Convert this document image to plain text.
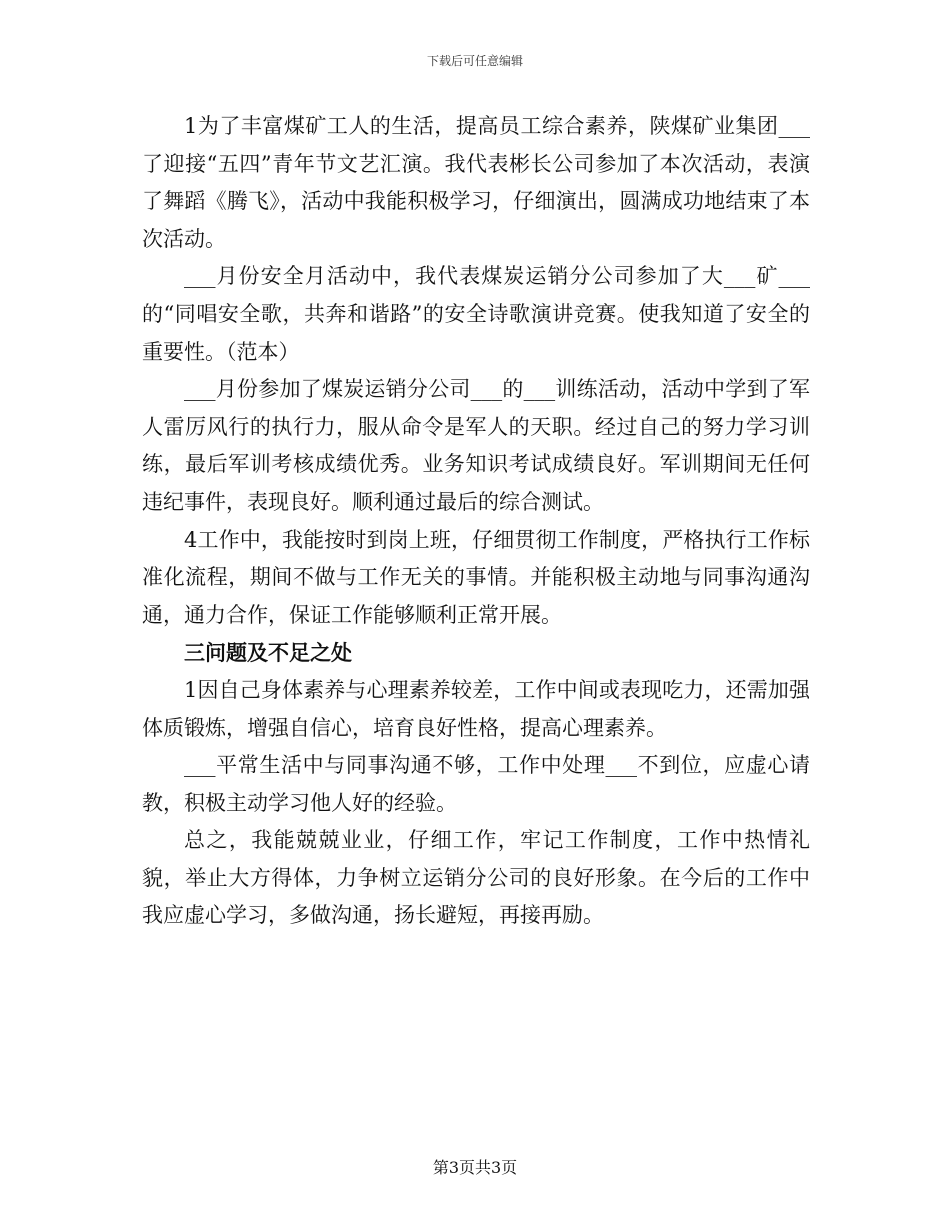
下载后可任意编辑

1为了丰富煤矿工人的生活，提高员工综合素养，陕煤矿业集团___了迎接“五四”青年节文艺汇演。我代表彬长公司参加了本次活动，表演了舞蹈《腾飞》，活动中我能积极学习，仔细演出，圆满成功地结束了本次活动。

___月份安全月活动中，我代表煤炭运销分公司参加了大___矿___的“同唱安全歌，共奔和谐路”的安全诗歌演讲竞赛。使我知道了安全的重要性。（范本）

___月份参加了煤炭运销分公司___的___训练活动，活动中学到了军人雷厉风行的执行力，服从命令是军人的天职。经过自己的努力学习训练，最后军训考核成绩优秀。业务知识考试成绩良好。军训期间无任何违纪事件，表现良好。顺利通过最后的综合测试。

4工作中，我能按时到岗上班，仔细贯彻工作制度，严格执行工作标准化流程，期间不做与工作无关的事情。并能积极主动地与同事沟通沟通，通力合作，保证工作能够顺利正常开展。

三问题及不足之处

1因自己身体素养与心理素养较差，工作中间或表现吃力，还需加强体质锻炼，增强自信心，培育良好性格，提高心理素养。

___平常生活中与同事沟通不够，工作中处理___不到位，应虚心请教，积极主动学习他人好的经验。

总之，我能兢兢业业，仔细工作，牢记工作制度，工作中热情礼貌，举止大方得体，力争树立运销分公司的良好形象。在今后的工作中我应虚心学习，多做沟通，扬长避短，再接再励。

第3页共3页
